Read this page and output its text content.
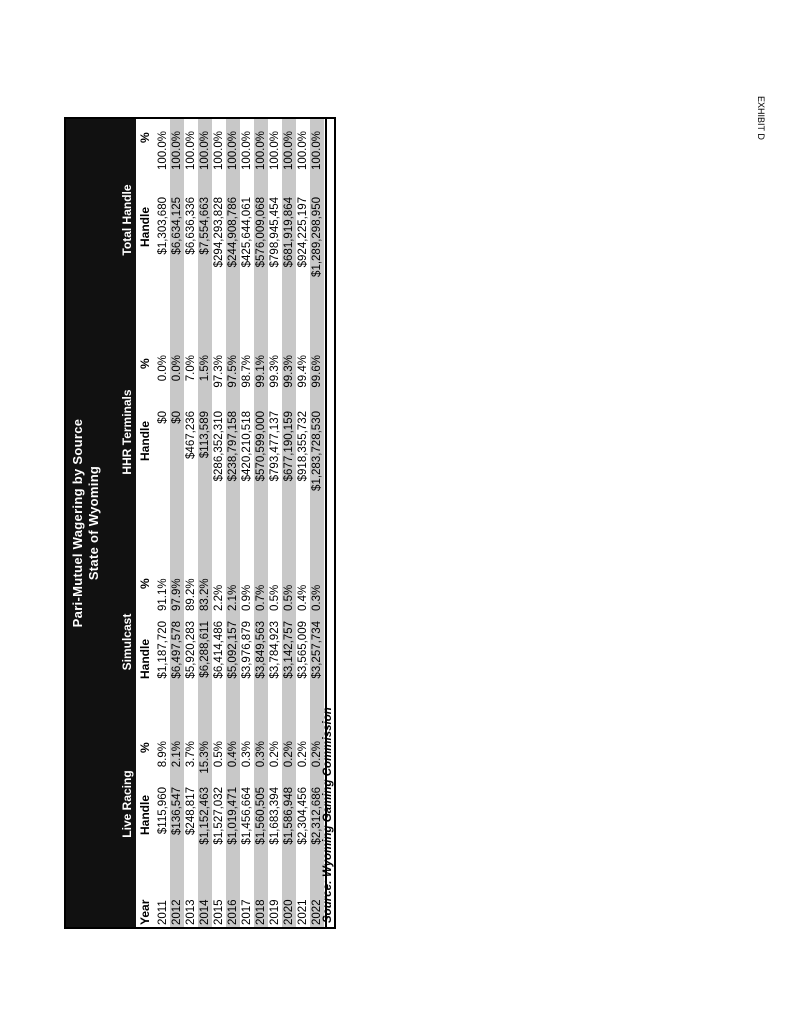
EXHIBIT D
Pari-Mutuel Wagering by Source State of Wyoming
Live Racing
Simulcast
HHR Terminals
Total Handle
Handle
%
Handle
%
Handle
%
Handle
%
Year 2011
$115,960
8.9%
$1,187,720
91.1%
$0
0.0%
$1,303,680
100.0%
2012
$136,547
2.1%
$6,497,578
97.9%
$0
0.0%
$6,634,125
100.0%
2013
$248,817
3.7%
$5,920,283
89.2%
$467,236
7.0%
$6,636,336
100.0%
2014
$1,152,463
15.3%
$6,288,611
83.2%
$113,589
1.5%
$7,554,663
100.0%
2015
$1,527,032
0.5%
$6,414,486
2.2%
$286,352,310
97.3%
$294,293,828
100.0%
2016
$1,019,471
0.4%
$5,092,157
2.1%
$238,797,158
97.5%
$244,908,786
100.0%
2017
$1,456,664
0.3%
$3,976,879
0.9%
$420,210,518
98.7%
$425,644,061
100.0%
2018
$1,560,505
0.3%
$3,849,563
0.7%
$570,599,000
99.1%
$576,009,068
100.0%
2019
$1,683,394
0.2%
$3,784,923
0.5%
$793,477,137
99.3%
$798,945,454
100.0%
2020
$1,586,948
0.2%
$3,142,757
0.5%
$677,190,159
99.3%
$681,919,864
100.0%
2021
$2,304,456
0.2%
$3,565,009
0.4%
$918,355,732
99.4%
$924,225,197
100.0%
2022
$2,312,686
0.2%
$3,257,734
0.3%
$1,283,728,530
99.6%
$1,289,298,950
100.0%
Source: Wyoming Gaming Commission
